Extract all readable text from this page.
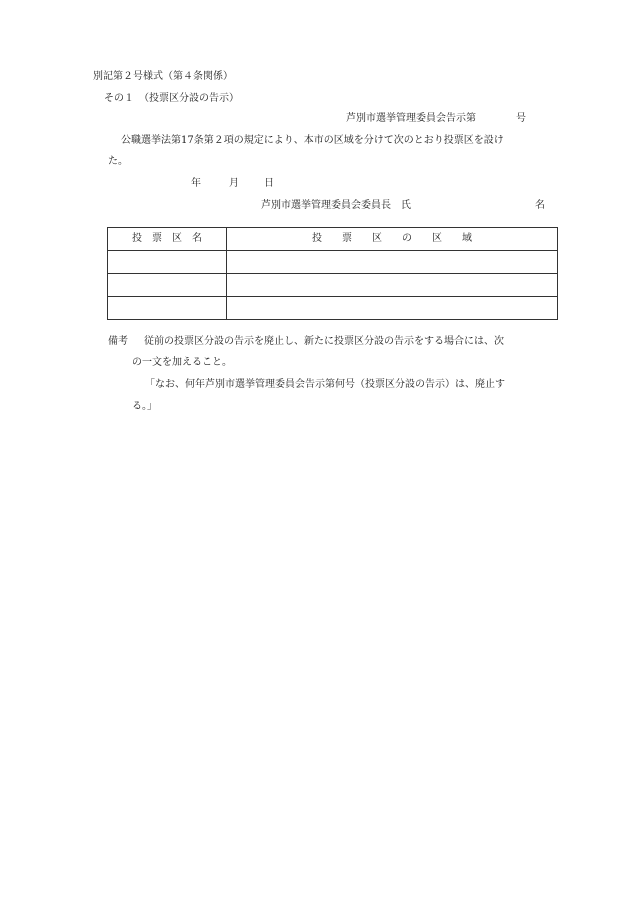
別記第２号様式（第４条関係）
その１　（投票区分設の告示）
芦別市選挙管理委員会告示第　　　　号
公職選挙法第17条第２項の規定により、本市の区域を分けて次のとおり投票区を設け
た。
年	月	日
芦別市選挙管理委員会委員長　氏	名
投　票　区　名	投　　票　　区　　の　　区　　域

備考 従前の投票区分設の告示を廃止し、新たに投票区分設の告示をする場合には、次
の一文を加えること。
「なお、何年芦別市選挙管理委員会告示第何号（投票区分設の告示）は、廃止す
る。」
